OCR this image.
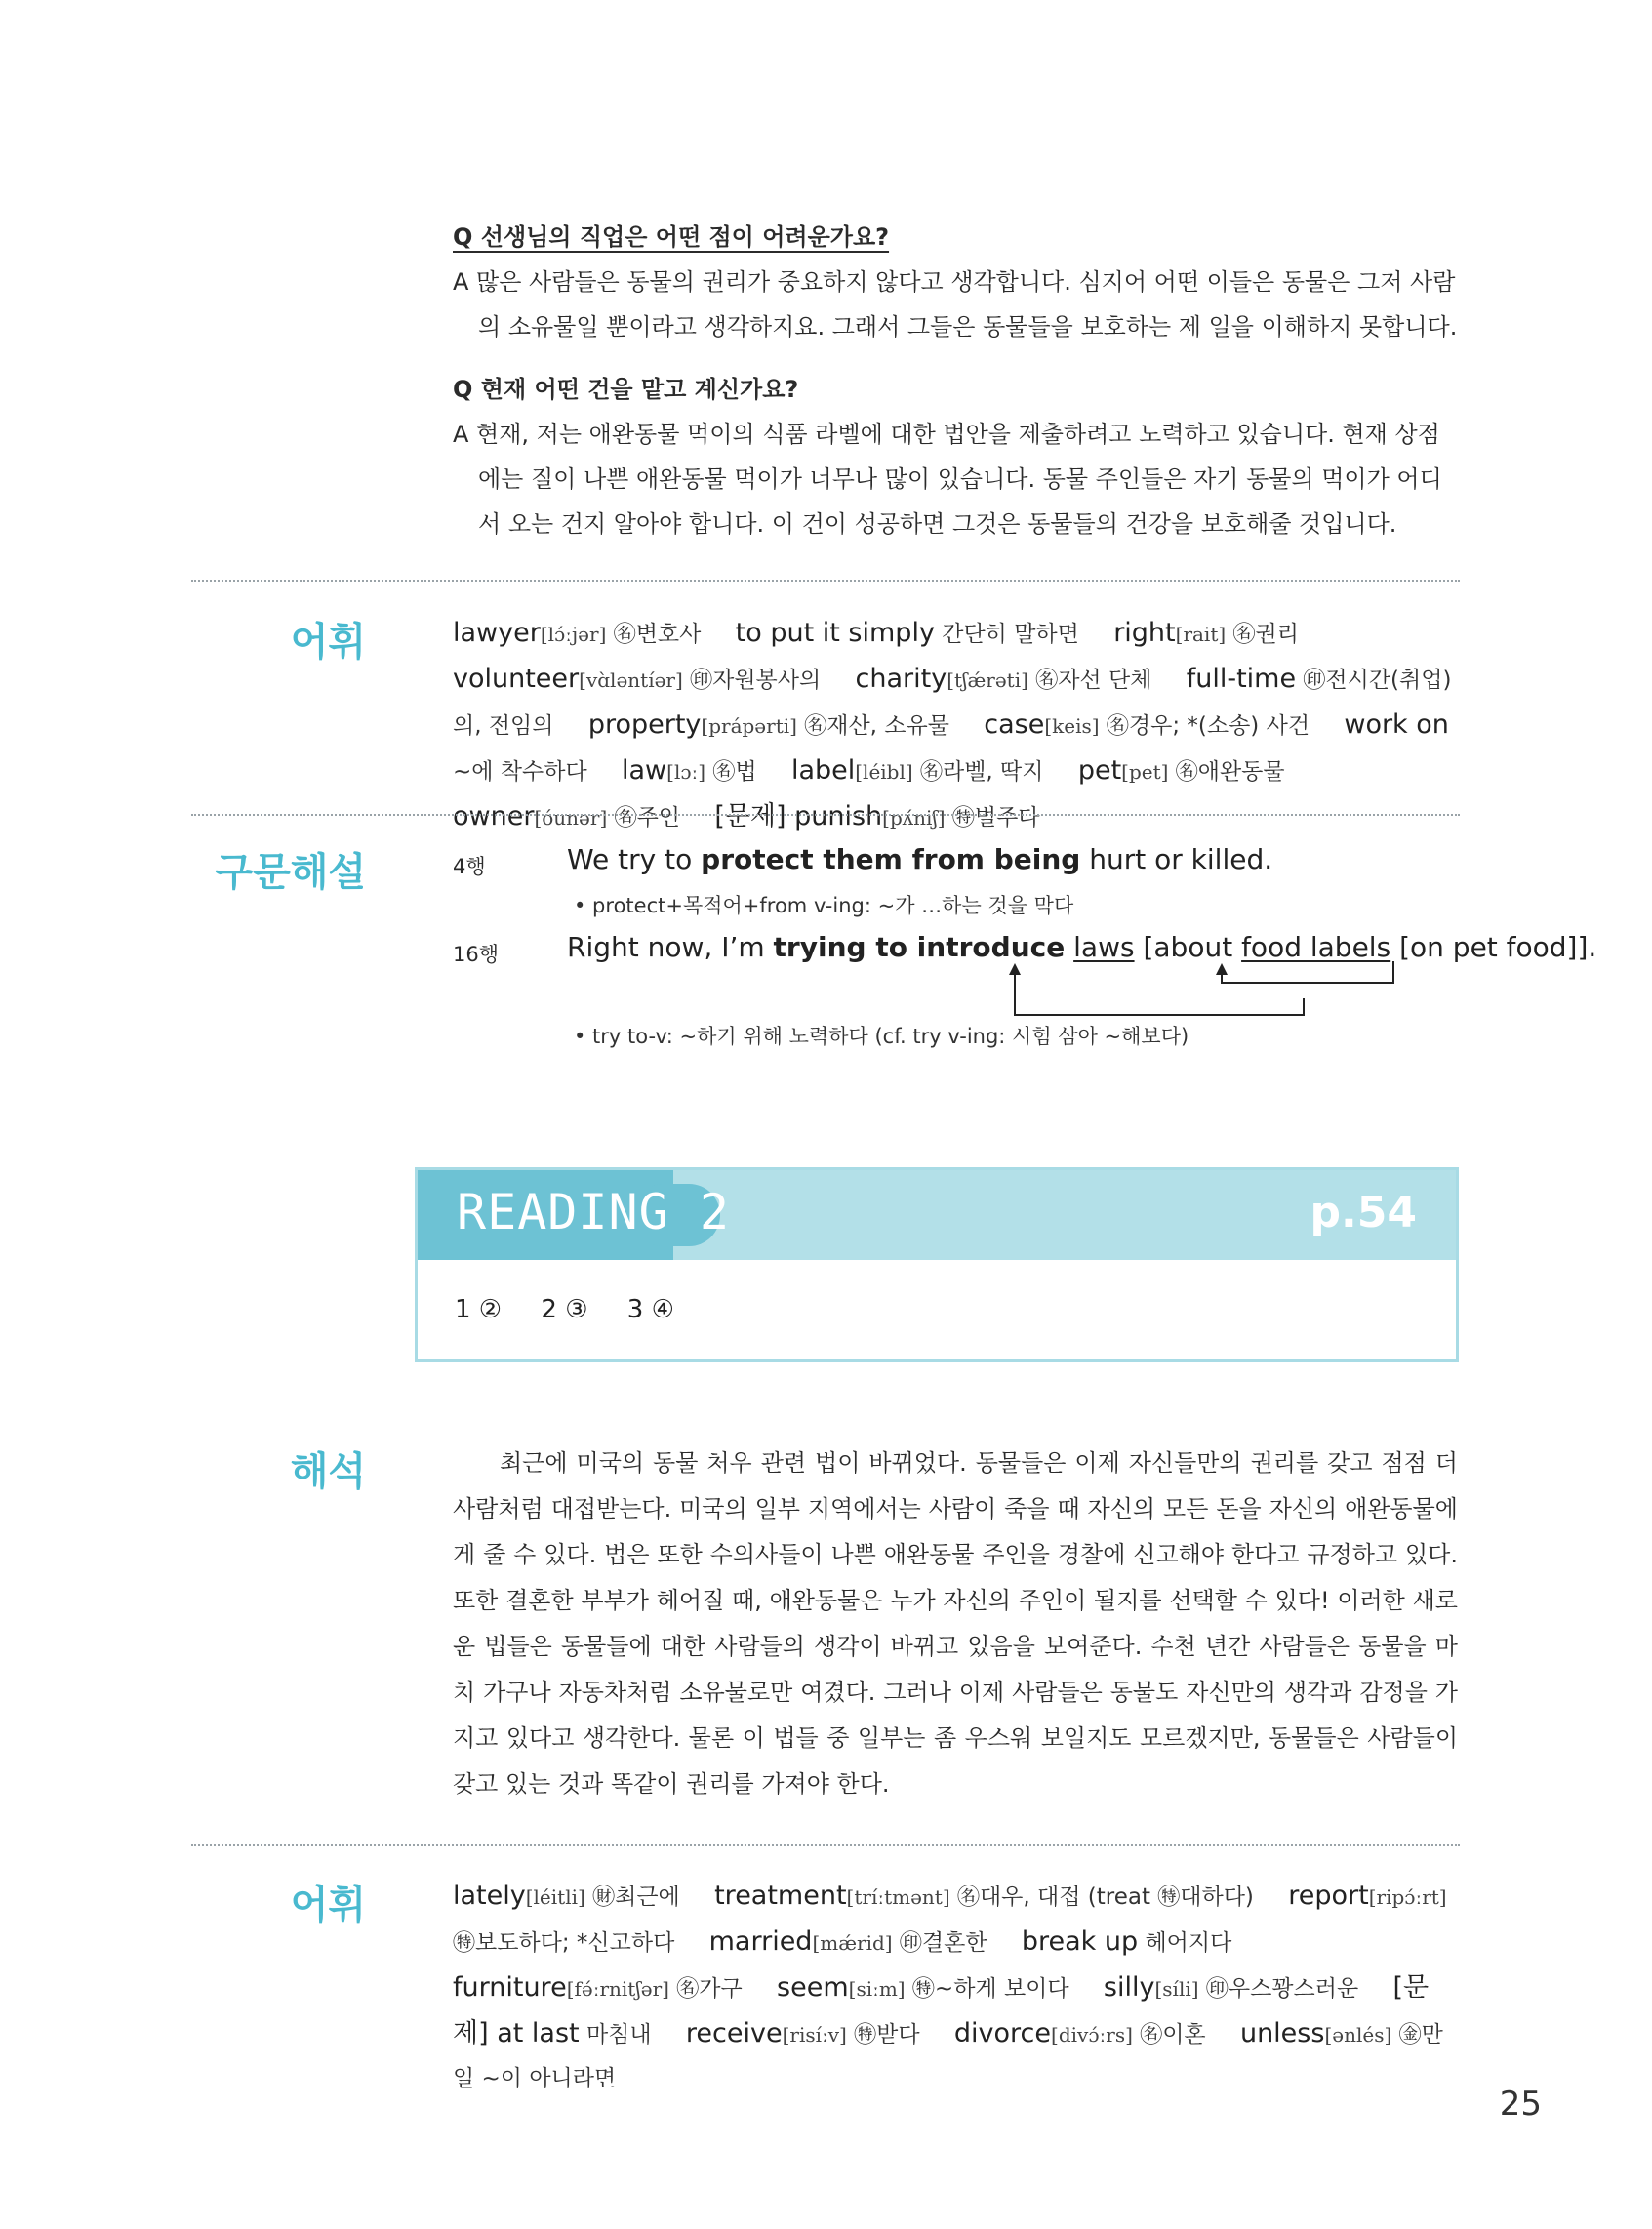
Q 선생님의 직업은 어떤 점이 어려운가요?
A 많은 사람들은 동물의 권리가 중요하지 않다고 생각합니다. 심지어 어떤 이들은 동물은 그저 사람의 소유물일 뿐이라고 생각하지요. 그래서 그들은 동물들을 보호하는 제 일을 이해하지 못합니다.
Q 현재 어떤 건을 맡고 계신가요?
A 현재, 저는 애완동물 먹이의 식품 라벨에 대한 법안을 제출하려고 노력하고 있습니다. 현재 상점에는 질이 나쁜 애완동물 먹이가 너무나 많이 있습니다. 동물 주인들은 자기 동물의 먹이가 어디서 오는 건지 알아야 합니다. 이 건이 성공하면 그것은 동물들의 건강을 보호해줄 것입니다.
어휘	lawyer[lɔ́ːjər] ㊔변호사 to put it simply 간단히 말하면 right[rait] ㊔권리 volunteer[vɑ̀ləntíər] ㊞자원봉사의 charity[tʃǽrəti] ㊔자선 단체 full-time ㊞전시간(취업)의, 전임의 property[prápərti] ㊔재산, 소유물 case[keis] ㊔경우; *(소송) 사건 work on ~에 착수하다 law[lɔː] ㊔법 label[léibl] ㊔라벨, 딱지 pet[pet] ㊔애완동물 owner[óunər] ㊔주인 [문제] punish[pʌ́niʃ] ㊕벌주다
구문해설	4행	We try to protect them from being hurt or killed.
• protect+목적어+from v-ing: ~가 …하는 것을 막다
16행 Right now, I’m trying to introduce laws [about food labels [on pet food]].
• try to-v: ~하기 위해 노력하다 (cf. try v-ing: 시험 삼아 ~해보다)
READING 2	p.54
1 ② 2 ③ 3 ④
해석	최근에 미국의 동물 처우 관련 법이 바뀌었다. 동물들은 이제 자신들만의 권리를 갖고 점점 더 사람처럼 대접받는다. 미국의 일부 지역에서는 사람이 죽을 때 자신의 모든 돈을 자신의 애완동물에게 줄 수 있다. 법은 또한 수의사들이 나쁜 애완동물 주인을 경찰에 신고해야 한다고 규정하고 있다. 또한 결혼한 부부가 헤어질 때, 애완동물은 누가 자신의 주인이 될지를 선택할 수 있다! 이러한 새로운 법들은 동물들에 대한 사람들의 생각이 바뀌고 있음을 보여준다. 수천 년간 사람들은 동물을 마치 가구나 자동차처럼 소유물로만 여겼다. 그러나 이제 사람들은 동물도 자신만의 생각과 감정을 가지고 있다고 생각한다. 물론 이 법들 중 일부는 좀 우스워 보일지도 모르겠지만, 동물들은 사람들이 갖고 있는 것과 똑같이 권리를 가져야 한다.
어휘	lately[léitli] ㊖최근에 treatment[tríːtmənt] ㊔대우, 대접 (treat ㊕대하다) report[ripɔ́ːrt] ㊕보도하다; *신고하다 married[mǽrid] ㊞결혼한 break up 헤어지다 furniture[fə́ːrnitʃər] ㊔가구 seem[siːm] ㊕~하게 보이다 silly[síli] ㊞우스꽝스러운 [문제] at last 마침내 receive[risíːv] ㊕받다 divorce[divɔ́ːrs] ㊔이혼 unless[ənlés] ㊎만일 ~이 아니라면
25
